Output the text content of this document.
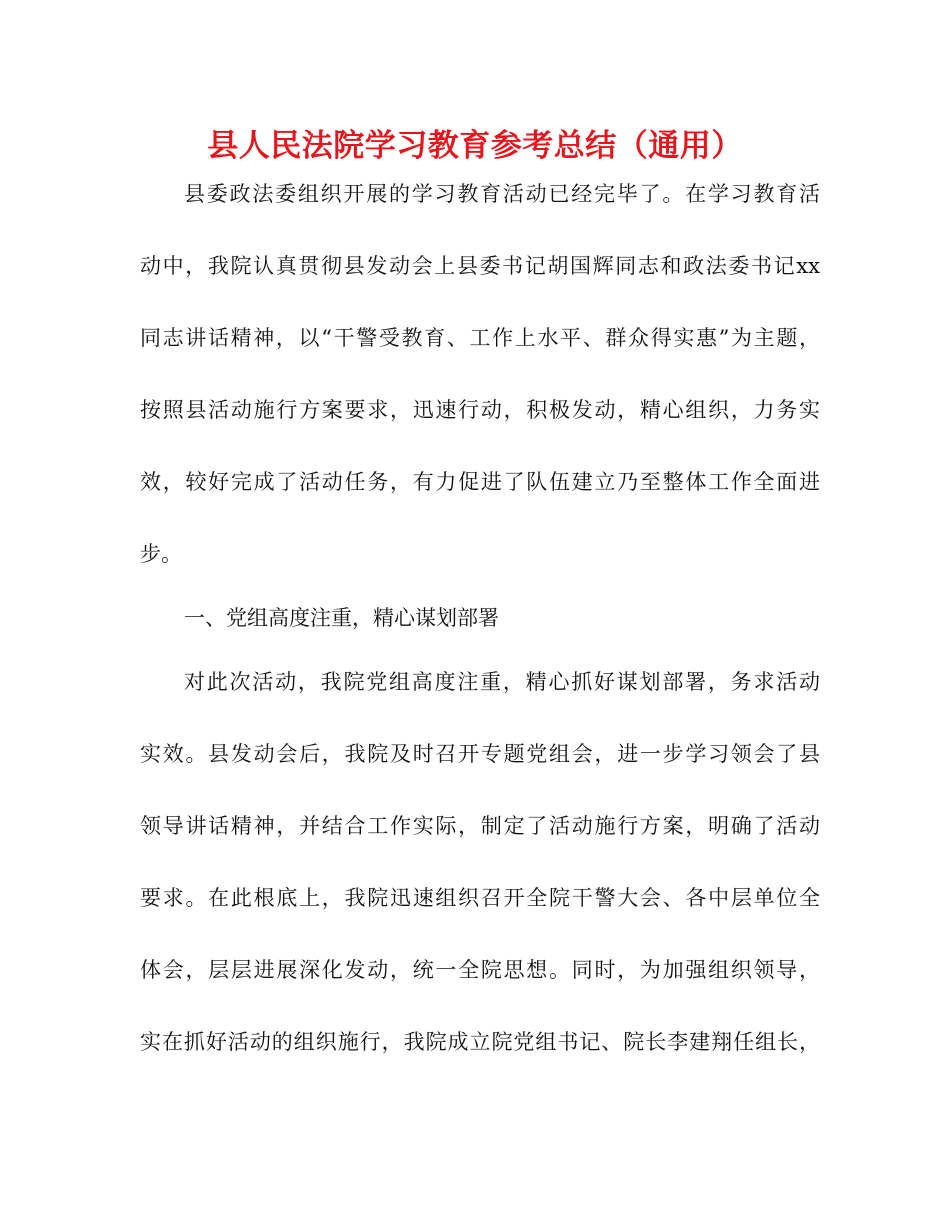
县人民法院学习教育参考总结（通用）
县委政法委组织开展的学习教育活动已经完毕了。在学习教育活
动中，我院认真贯彻县发动会上县委书记胡国辉同志和政法委书记xx
同志讲话精神，以“干警受教育、工作上水平、群众得实惠”为主题，
按照县活动施行方案要求，迅速行动，积极发动，精心组织，力务实
效，较好完成了活动任务，有力促进了队伍建立乃至整体工作全面进
步。
一、党组高度注重，精心谋划部署
对此次活动，我院党组高度注重，精心抓好谋划部署，务求活动
实效。县发动会后，我院及时召开专题党组会，进一步学习领会了县
领导讲话精神，并结合工作实际，制定了活动施行方案，明确了活动
要求。在此根底上，我院迅速组织召开全院干警大会、各中层单位全
体会，层层进展深化发动，统一全院思想。同时，为加强组织领导，
实在抓好活动的组织施行，我院成立院党组书记、院长李建翔任组长，
